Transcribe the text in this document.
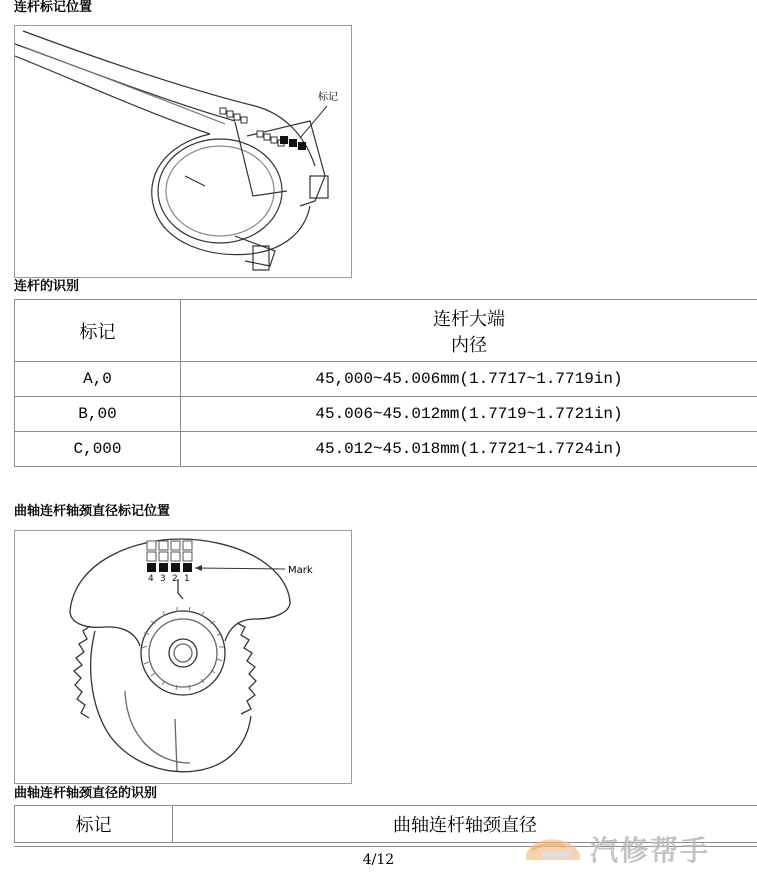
连杆标记位置
标记
连杆的识别
标记	连杆大端
内径

A,0	45,000~45.006mm(1.7717~1.7719in)
B,00	45.006~45.012mm(1.7719~1.7721in)
C,000	45.012~45.018mm(1.7721~1.7724in)
曲轴连杆轴颈直径标记位置
4 3 2 1
Mark
曲轴连杆轴颈直径的识别
标记	曲轴连杆轴颈直径
4/12	汽修帮手
